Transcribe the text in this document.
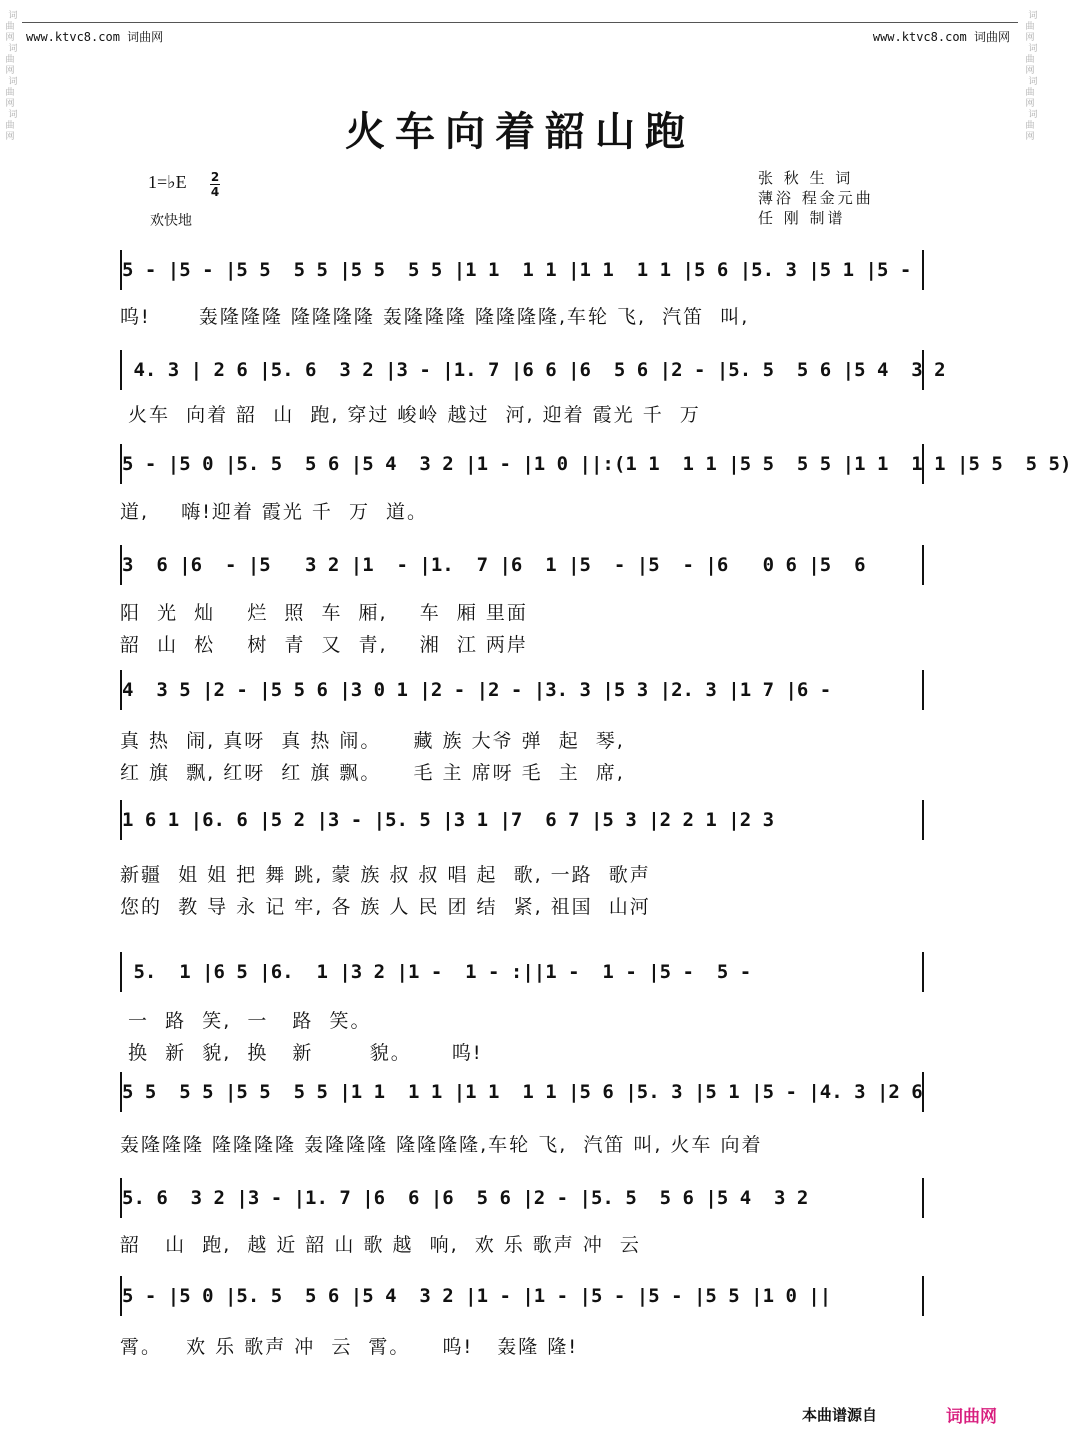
词
曲
网
词
曲
网
词
曲
网
词
曲
网

词
曲
网
词
曲
网
词
曲
网
词
曲
网

www.ktvc8.com 词曲网	www.ktvc8.com 词曲网
火车向着韶山跑
1=♭E 2
4
欢快地
张 秋 生 词
薄浴 程金元曲
任 刚 制谱
5 - |5 - |5 5  5 5 |5 5  5 5 |1 1  1 1 |1 1  1 1 |5 6 |5. 3 |5 1 |5 -
呜!      轰隆隆隆 隆隆隆隆 轰隆隆隆 隆隆隆隆,车轮 飞,  汽笛  叫,
4. 3 | 2 6 |5. 6  3 2 |3 - |1. 7 |6 6 |6  5 6 |2 - |5. 5  5 6 |5 4  3 2
火车  向着 韶  山  跑, 穿过 峻岭 越过  河, 迎着 霞光 千  万
5 - |5 0 |5. 5  5 6 |5 4  3 2 |1 - |1 0 ||:(1 1  1 1 |5 5  5 5 |1 1  1 1 |5 5  5 5)
道,    嗨!迎着 霞光 千  万  道。
3  6 |6  - |5   3 2 |1  - |1.  7 |6  1 |5  - |5  - |6   0 6 |5  6
阳  光  灿    烂  照  车  厢,    车  厢 里面
韶  山  松    树  青  又  青,    湘  江 两岸
4  3 5 |2 - |5 5 6 |3 0 1 |2 - |2 - |3. 3 |5 3 |2. 3 |1 7 |6 -
真 热  闹, 真呀  真 热 闹。    藏 族 大爷 弹  起  琴,
红 旗  飘, 红呀  红 旗 飘。    毛 主 席呀 毛  主  席,
1 6 1 |6. 6 |5 2 |3 - |5. 5 |3 1 |7  6 7 |5 3 |2 2 1 |2 3
新疆  姐 姐 把 舞 跳, 蒙 族 叔 叔 唱 起  歌, 一路  歌声
您的  教 导 永 记 牢, 各 族 人 民 团 结  紧, 祖国  山河
5.  1 |6 5 |6.  1 |3 2 |1 -  1 - :||1 -  1 - |5 -  5 -
一  路  笑,  一   路  笑。
换  新  貌,  换   新       貌。     呜!
5 5  5 5 |5 5  5 5 |1 1  1 1 |1 1  1 1 |5 6 |5. 3 |5 1 |5 - |4. 3 |2 6
轰隆隆隆 隆隆隆隆 轰隆隆隆 隆隆隆隆,车轮 飞,  汽笛 叫, 火车 向着
5. 6  3 2 |3 - |1. 7 |6  6 |6  5 6 |2 - |5. 5  5 6 |5 4  3 2
韶   山  跑,  越 近 韶 山 歌 越  响,  欢 乐 歌声 冲  云
5 - |5 0 |5. 5  5 6 |5 4  3 2 |1 - |1 - |5 - |5 - |5 5 |1 0 ||
霄。   欢 乐 歌声 冲  云  霄。    呜!   轰隆 隆!
本曲谱源自	词曲网
